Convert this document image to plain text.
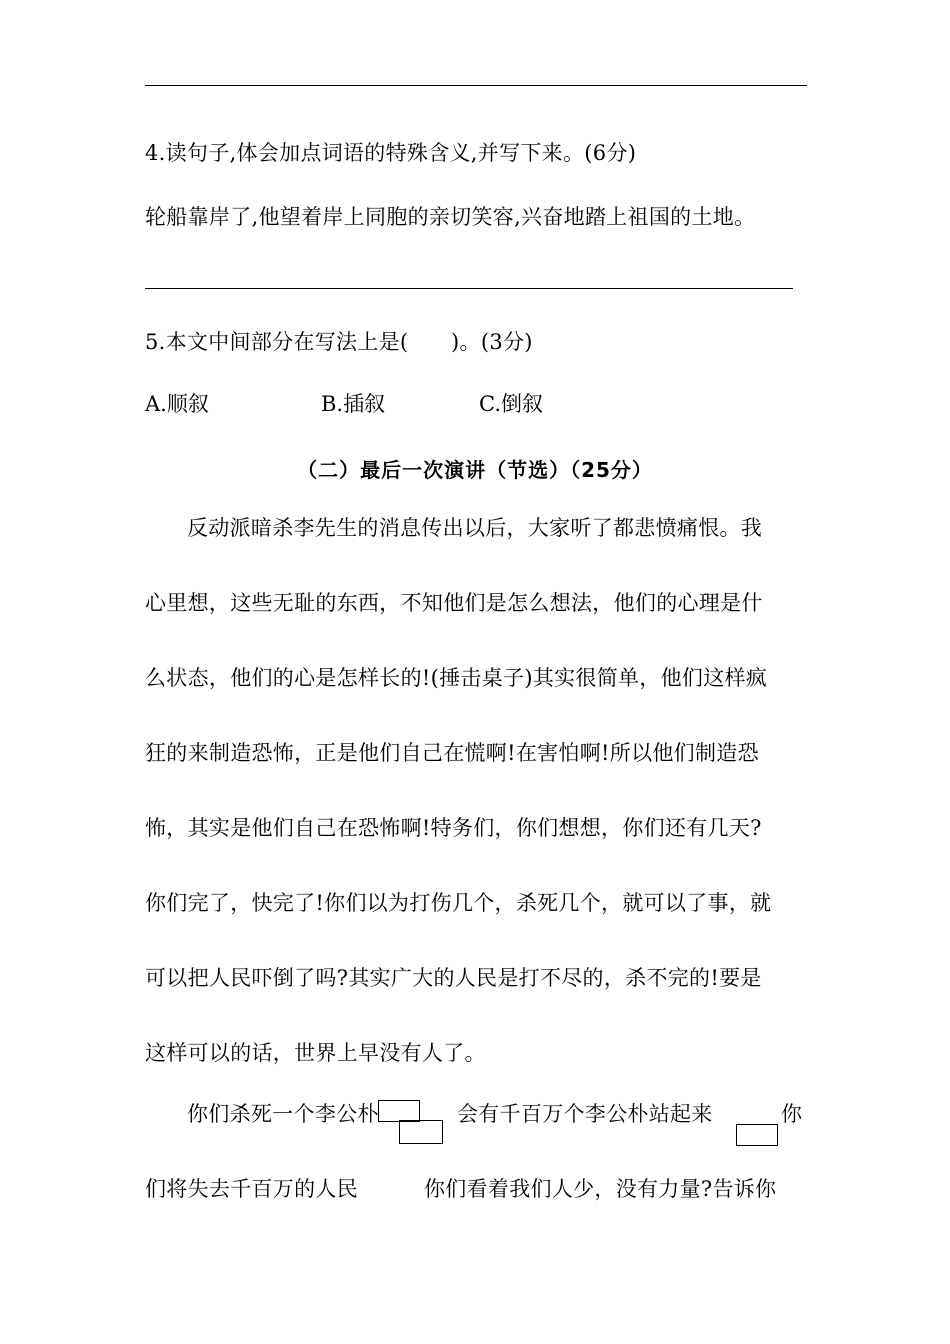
4.读句子,体会加点词语的特殊含义,并写下来。(6分)
轮船靠岸了,他望着岸上同胞的亲切笑容,兴奋地踏上祖国的土地。
5.本文中间部分在写法上是(　　)。(3分)
A.顺叙	B.插叙	C.倒叙
（二）最后一次演讲（节选）（25分）
反动派暗杀李先生的消息传出以后，大家听了都悲愤痛恨。我
心里想，这些无耻的东西，不知他们是怎么想法，他们的心理是什
么状态，他们的心是怎样长的!(捶击桌子)其实很简单，他们这样疯
狂的来制造恐怖，正是他们自己在慌啊!在害怕啊!所以他们制造恐
怖，其实是他们自己在恐怖啊!特务们，你们想想，你们还有几天?
你们完了，快完了!你们以为打伤几个，杀死几个，就可以了事，就
可以把人民吓倒了吗?其实广大的人民是打不尽的，杀不完的!要是
这样可以的话，世界上早没有人了。
你们杀死一个李公朴	会有千百万个李公朴站起来	你
们将失去千百万的人民	你们看着我们人少，没有力量?告诉你
